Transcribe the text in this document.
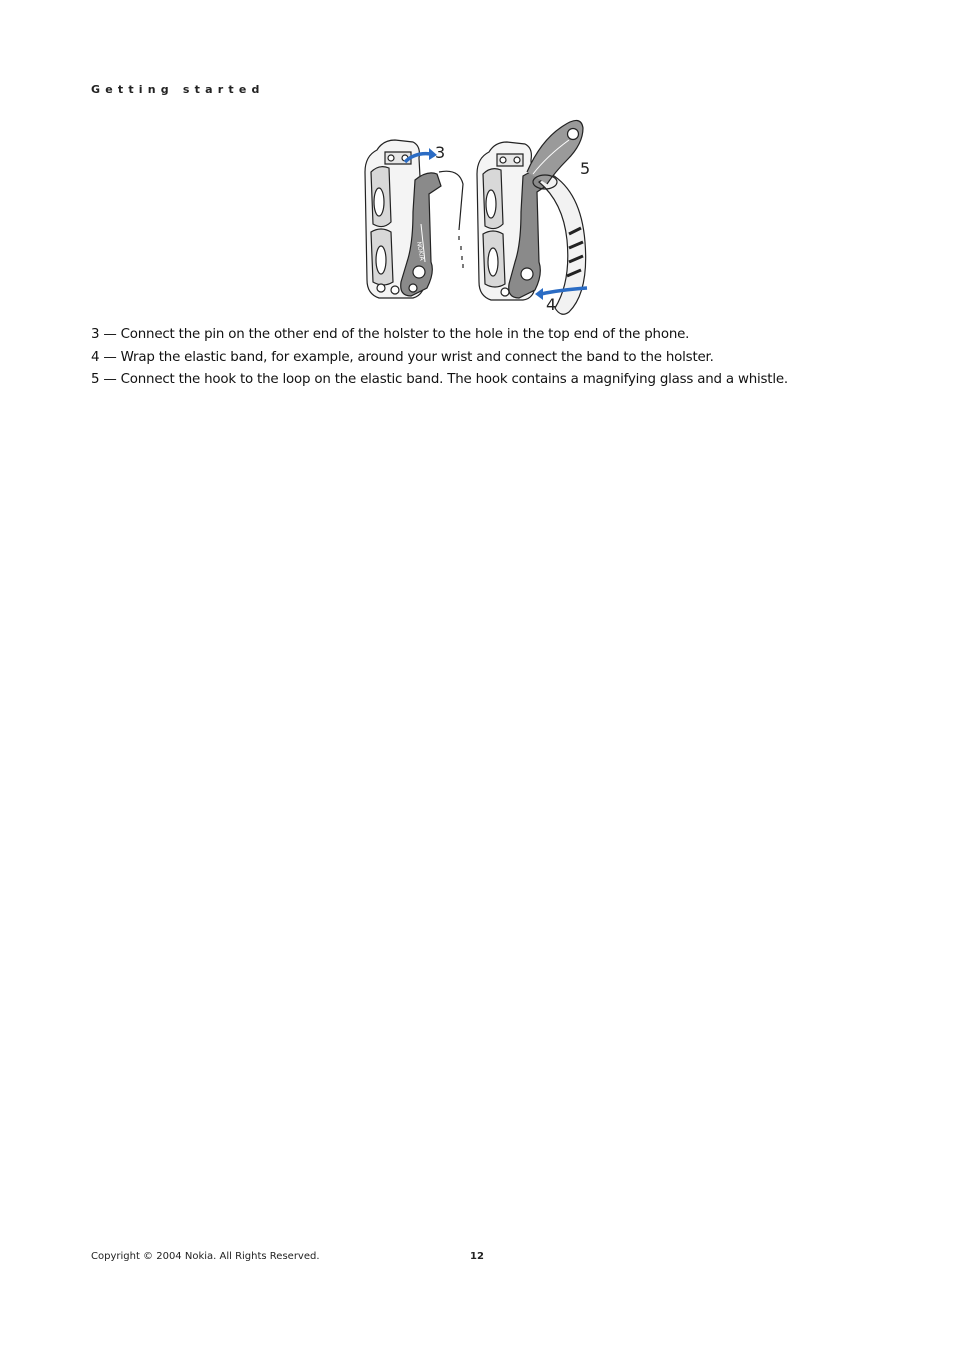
Getting started
NOKIA
3
5
4
3 — Connect the pin on the other end of the holster to the hole in the top end of the phone.
4 — Wrap the elastic band, for example, around your wrist and connect the band to the holster.
5 — Connect the hook to the loop on the elastic band. The hook contains a magnifying glass and a whistle.
Copyright © 2004 Nokia. All Rights Reserved.	12
